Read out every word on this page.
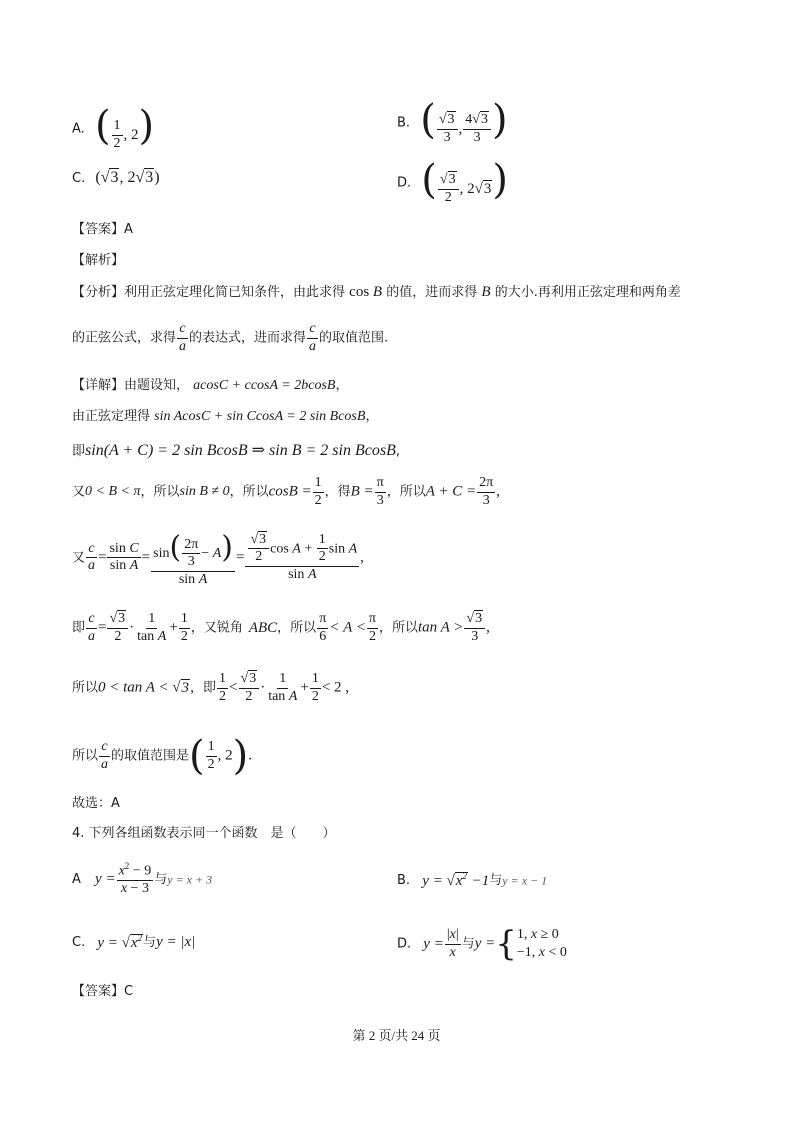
A. ( $\frac{1}{2}$ , 2)	B. ( $\frac{√3}{3}$ , $\frac{4√3}{3}$ )
C. (√3, 2√3)	D. ( $\frac{√3}{2}$ , 2√3)
【答案】A
【解析】
【分析】利用正弦定理化简已知条件，由此求得 cos B 的值，进而求得 B 的大小.再利用正弦定理和两角差
的正弦公式，求得 $\frac{c}{a}$ 的表达式，进而求得 $\frac{c}{a}$ 的取值范围.
【详解】由题设知， acosC + ccosA = 2bcosB，
由正弦定理得 sin AcosC + sin CcosA = 2 sin BcosB，
即sin(A + C) = 2 sin BcosB ⇒ sin B = 2 sin BcosB,
又0 < B < π，所以sin B ≠ 0，所以$\cos B = \frac{1}{2}$ ，得$B = \frac{\pi}{3}$ ，所以$A + C = \frac{2\pi}{3}$ ,
又 $\frac{c}{a} = \frac{\text{sin C}}{\text{sin A}} = \frac{\sin( \frac{2\pi}{3} - A)}{\text{sin A}} = \frac{\frac{√3}{2} \cos A + \frac{1}{2} \sin A}{\text{sin A}}$ ,
即 $\frac{c}{a} = \frac{√3}{2} \cdot \frac{1}{\text{tan A}} + \frac{1}{2}$ ，又锐角 ABC，所以 $\frac{\pi}{6} < A < \frac{\pi}{2}$ ，所以$\tan A > \frac{√3}{3}$ ,
所以0 < tan A < √3，即 $\frac{1}{2} < \frac{√3}{2} \cdot \frac{1}{\text{tan A}} + \frac{1}{2} < 2$ ,
所以 $\frac{c}{a}$ 的取值范围是( $\frac{1}{2}$ , 2).
故选：A
4. 下列各组函数表示同一个函数　是（　　）
A $y = \frac{x^2 - 9}{x - 3}$ 与y = x + 3	B. $y = √x^2 -1$与y = x − 1
C. $y = √x^2$与y = |x|	D. $y = \frac{|x|}{x}$ 与y ={ 1, x ≥ 0
−1, x < 0
【答案】C
第 2 页/共 24 页
